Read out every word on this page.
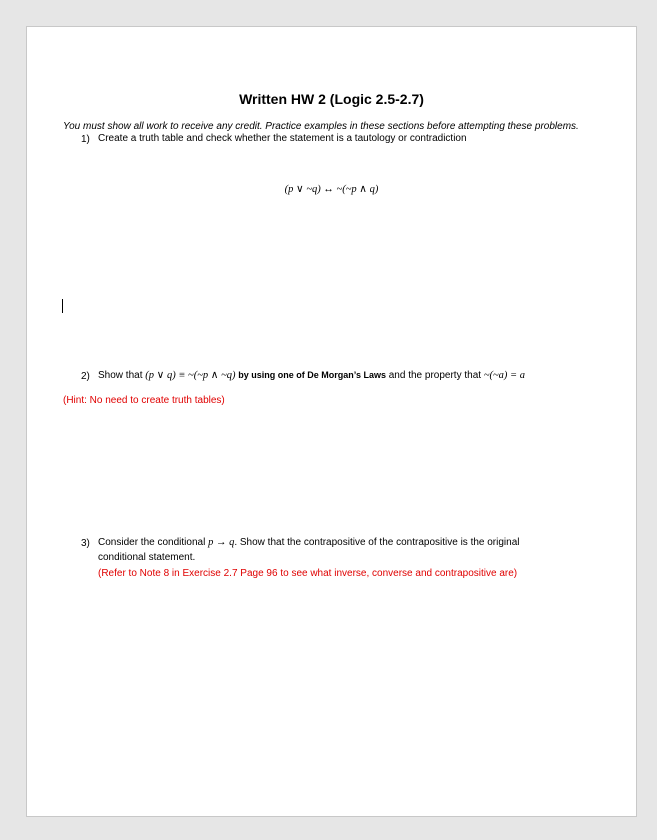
Written HW 2 (Logic 2.5-2.7)
You must show all work to receive any credit. Practice examples in these sections before attempting these problems.
1) Create a truth table and check whether the statement is a tautology or contradiction
(p ∨ ~q) ↔ ~(~p ∧ q)
2) Show that (p ∨ q) ≡ ~(~p ∧ ~q) by using one of De Morgan’s Laws and the property that ~(~a) = a
(Hint: No need to create truth tables)
3) Consider the conditional p → q. Show that the contrapositive of the contrapositive is the original
conditional statement.
(Refer to Note 8 in Exercise 2.7 Page 96 to see what inverse, converse and contrapositive are)
